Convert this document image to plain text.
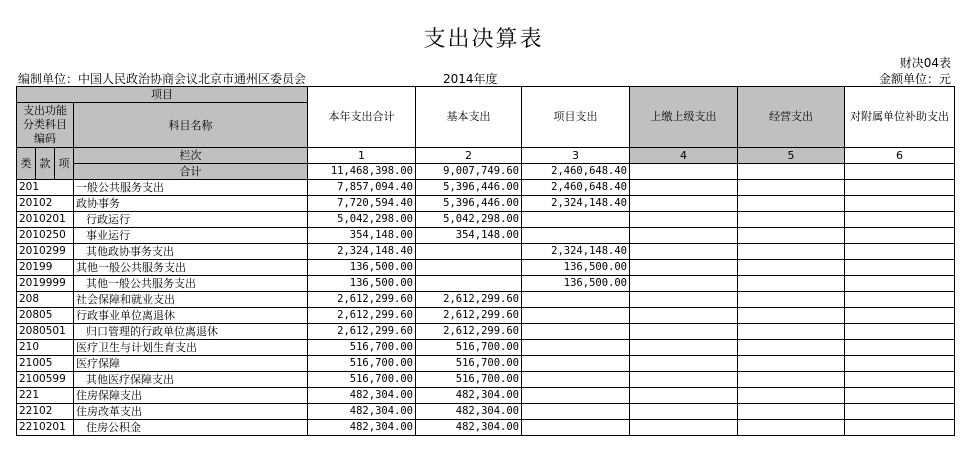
支出决算表
财决04表
编制单位：中国人民政治协商会议北京市通州区委员会	2014年度	金额单位：元
项目				本年支出合计	基本支出	项目支出	上缴上级支出	经营支出	对附属单位补助支出
支出功能分类科目编码			科目名称						

类	款	项	栏次	1	2	3	4	5	6
			合计	11,468,398.00	9,007,749.60	2,460,648.40			
201			一般公共服务支出	7,857,094.40	5,396,446.00	2,460,648.40			
20102			政协事务	7,720,594.40	5,396,446.00	2,324,148.40			
2010201			行政运行	5,042,298.00	5,042,298.00				
2010250			事业运行	354,148.00	354,148.00				
2010299			其他政协事务支出	2,324,148.40		2,324,148.40			
20199			其他一般公共服务支出	136,500.00		136,500.00			
2019999			其他一般公共服务支出	136,500.00		136,500.00			
208			社会保障和就业支出	2,612,299.60	2,612,299.60				
20805			行政事业单位离退休	2,612,299.60	2,612,299.60				
2080501			归口管理的行政单位离退休	2,612,299.60	2,612,299.60				
210			医疗卫生与计划生育支出	516,700.00	516,700.00				
21005			医疗保障	516,700.00	516,700.00				
2100599			其他医疗保障支出	516,700.00	516,700.00				
221			住房保障支出	482,304.00	482,304.00				
22102			住房改革支出	482,304.00	482,304.00				
2210201			住房公积金	482,304.00	482,304.00				
